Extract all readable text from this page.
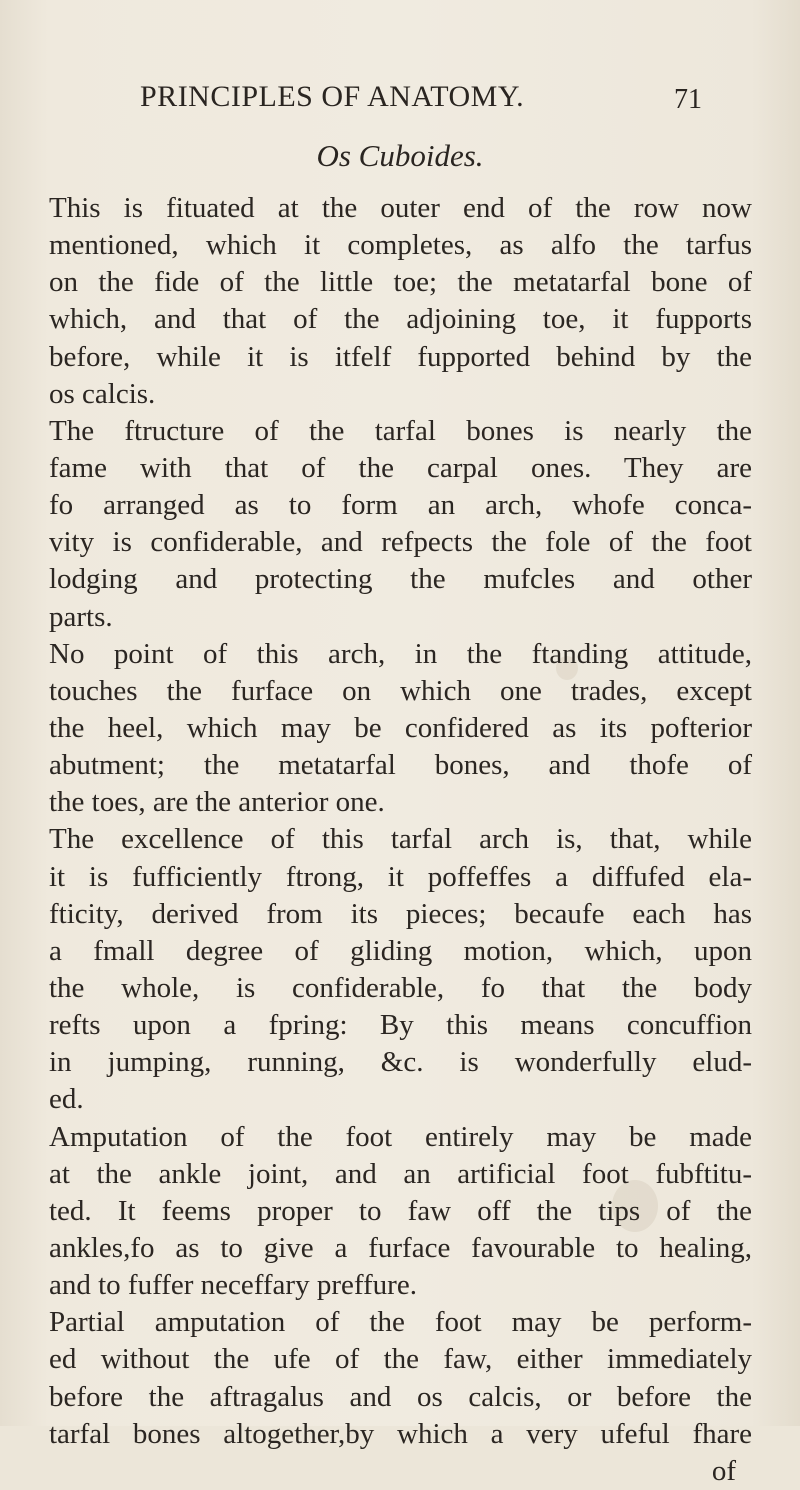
PRINCIPLES OF ANATOMY.	71
Os Cuboides.
This is fituated at the outer end of the row now
mentioned, which it completes, as alfo the tarfus
on the fide of the little toe; the metatarfal bone of
which, and that of the adjoining toe, it fupports
before, while it is itfelf fupported behind by the
os calcis.
The ftructure of the tarfal bones is nearly the
fame with that of the carpal ones. They are
fo arranged as to form an arch, whofe conca-
vity is confiderable, and refpects the fole of the foot
lodging and protecting the mufcles and other
parts.
No point of this arch, in the ftanding attitude,
touches the furface on which one trades, except
the heel, which may be confidered as its pofterior
abutment; the metatarfal bones, and thofe of
the toes, are the anterior one.
The excellence of this tarfal arch is, that, while
it is fufficiently ftrong, it poffeffes a diffufed ela-
fticity, derived from its pieces; becaufe each has
a fmall degree of gliding motion, which, upon
the whole, is confiderable, fo that the body
refts upon a fpring: By this means concuffion
in jumping, running, &c. is wonderfully elud-
ed.
Amputation of the foot entirely may be made
at the ankle joint, and an artificial foot fubftitu-
ted. It feems proper to faw off the tips of the
ankles,fo as to give a furface favourable to healing,
and to fuffer neceffary preffure.
Partial amputation of the foot may be perform-
ed without the ufe of the faw, either immediately
before the aftragalus and os calcis, or before the
tarfal bones altogether,by which a very ufeful fhare
of
